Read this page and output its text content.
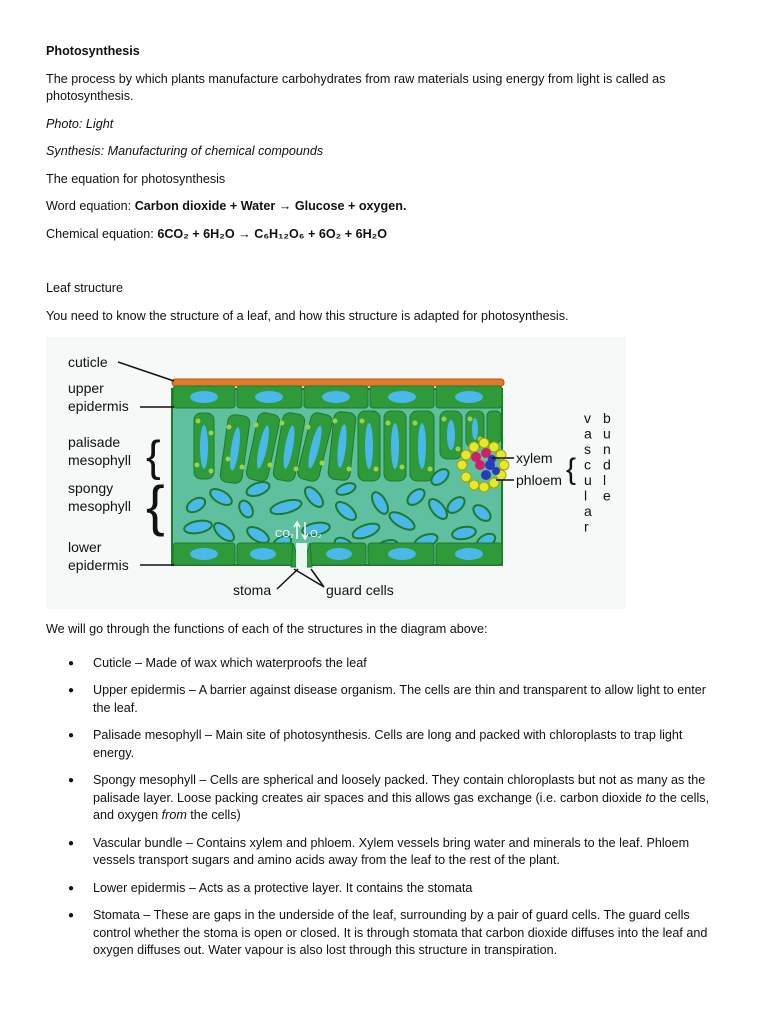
Photosynthesis

The process by which plants manufacture carbohydrates from raw materials using energy from light is called as photosynthesis.

Photo: Light

Synthesis: Manufacturing of chemical compounds

The equation for photosynthesis

Word equation: Carbon dioxide + Water → Glucose + oxygen.

Chemical equation: 6CO₂ + 6H₂O → C₆H₁₂O₆ + 6O₂ + 6H₂O

Leaf structure

You need to know the structure of a leaf, and how this structure is adapted for photosynthesis.

CO₂ O₂
cuticle
upper
epidermis
palisade
mesophyll {
spongy
mesophyll {
lower
epidermis
stoma	guard cells
xylem
phloem {
v
a
s
c
u
l
a
r
b
u
n
d
l
e

We will go through the functions of each of the structures in the diagram above:

● Cuticle – Made of wax which waterproofs the leaf
● Upper epidermis – A barrier against disease organism. The cells are thin and transparent to allow light to enter the leaf.
● Palisade mesophyll – Main site of photosynthesis. Cells are long and packed with chloroplasts to trap light energy.
● Spongy mesophyll – Cells are spherical and loosely packed. They contain chloroplasts but not as many as the palisade layer. Loose packing creates air spaces and this allows gas exchange (i.e. carbon dioxide to the cells, and oxygen from the cells)
● Vascular bundle – Contains xylem and phloem. Xylem vessels bring water and minerals to the leaf. Phloem vessels transport sugars and amino acids away from the leaf to the rest of the plant.
● Lower epidermis – Acts as a protective layer. It contains the stomata
● Stomata – These are gaps in the underside of the leaf, surrounding by a pair of guard cells. The guard cells control whether the stoma is open or closed. It is through stomata that carbon dioxide diffuses into the leaf and oxygen diffuses out. Water vapour is also lost through this structure in transpiration.
